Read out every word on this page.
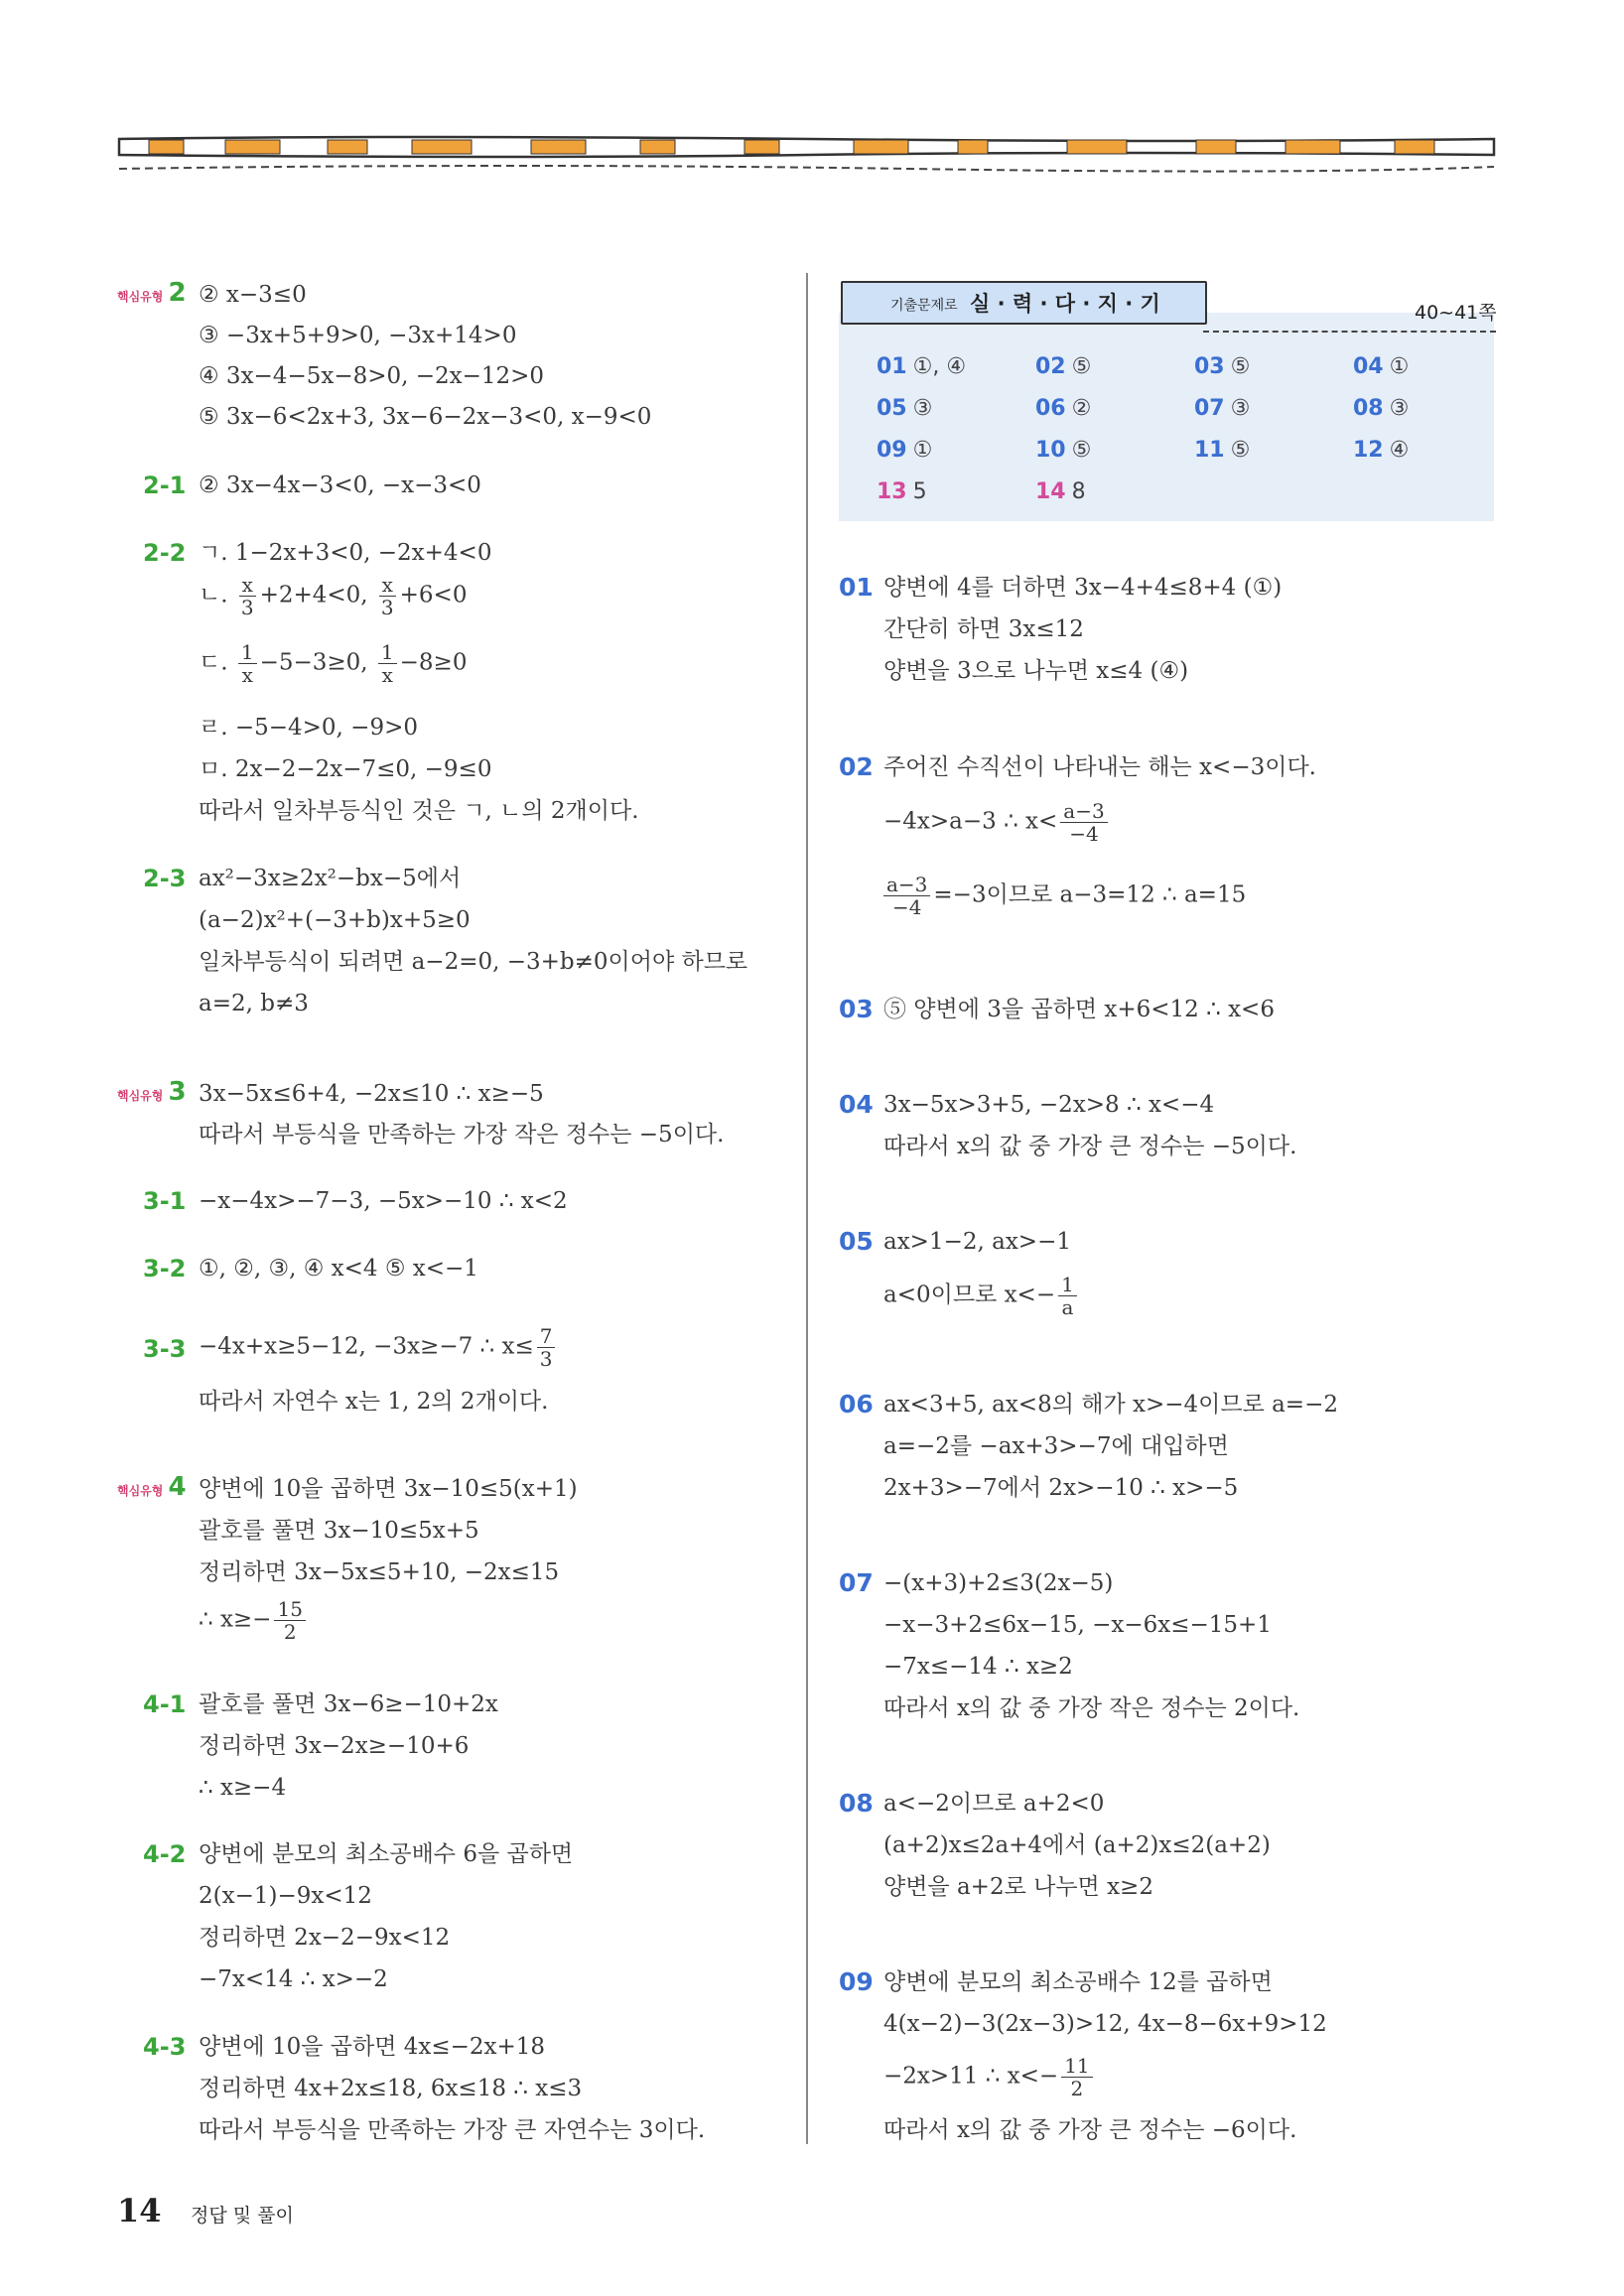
핵심유형 2 ② x−3≤0
③ −3x+5+9>0, −3x+14>0
④ 3x−4−5x−8>0, −2x−12>0
⑤ 3x−6<2x+3, 3x−6−2x−3<0, x−9<0
2-1 ② 3x−4x−3<0, −x−3<0
2-2 ㄱ. 1−2x+3<0, −2x+4<0
ㄴ. $\frac{x}{3} +2+4<0$, $\frac{x}{3} +6<0$
ㄷ. $\frac{1}{x} -5-3\ge 0$, $\frac{1}{x} -8\ge 0$
ㄹ. −5−4>0, −9>0
ㅁ. 2x−2−2x−7≤0, −9≤0
따라서 일차부등식인 것은 ㄱ, ㄴ의 2개이다.
2-3 ax²−3x≥2x²−bx−5에서
(a−2)x²+(−3+b)x+5≥0
일차부등식이 되려면 a−2=0, −3+b≠0이어야 하므로
a=2, b≠3
핵심유형 3 3x−5x≤6+4, −2x≤10 ∴ x≥−5
따라서 부등식을 만족하는 가장 작은 정수는 −5이다.
3-1 −x−4x>−7−3, −5x>−10 ∴ x<2
3-2 ①, ②, ③, ④ x<4 ⑤ x<−1
3-3 −4x+x≥5−12, −3x≥−7 ∴ $x\le \frac{7}{3}$
따라서 자연수 x는 1, 2의 2개이다.
핵심유형 4 양변에 10을 곱하면 3x−10≤5(x+1)
괄호를 풀면 3x−10≤5x+5
정리하면 3x−5x≤5+10, −2x≤15
∴ $x\ge- \frac{15}{2}$
4-1 괄호를 풀면 3x−6≥−10+2x
정리하면 3x−2x≥−10+6
∴ x≥−4
4-2 양변에 분모의 최소공배수 6을 곱하면
2(x−1)−9x<12
정리하면 2x−2−9x<12
−7x<14 ∴ x>−2
4-3 양변에 10을 곱하면 4x≤−2x+18
정리하면 4x+2x≤18, 6x≤18 ∴ x≤3
따라서 부등식을 만족하는 가장 큰 자연수는 3이다.
기출문제로 실 · 력 · 다 · 지 · 기	40~41쪽
01 ①, ④	02 ⑤	03 ⑤	04 ①
05 ③	06 ②	07 ③	08 ③
09 ①	10 ⑤	11 ⑤	12 ④
13 5	14 8
01 양변에 4를 더하면 3x−4+4≤8+4 (①)
간단히 하면 3x≤12
양변을 3으로 나누면 x≤4 (④)
02 주어진 수직선이 나타내는 해는 x<−3이다.
−4x>a−3 ∴ $x< \frac{a-3}{-4}$
$\frac{a-3}{-4} =-3$이므로 a−3=12 ∴ a=15
03 ⑤ 양변에 3을 곱하면 x+6<12 ∴ x<6
04 3x−5x>3+5, −2x>8 ∴ x<−4
따라서 x의 값 중 가장 큰 정수는 −5이다.
05 ax>1−2, ax>−1
a<0이므로 $x<- \frac{1}{a}$
06 ax<3+5, ax<8의 해가 x>−4이므로 a=−2
a=−2를 −ax+3>−7에 대입하면
2x+3>−7에서 2x>−10 ∴ x>−5
07 −(x+3)+2≤3(2x−5)
−x−3+2≤6x−15, −x−6x≤−15+1
−7x≤−14 ∴ x≥2
따라서 x의 값 중 가장 작은 정수는 2이다.
08 a<−2이므로 a+2<0
(a+2)x≤2a+4에서 (a+2)x≤2(a+2)
양변을 a+2로 나누면 x≥2
09 양변에 분모의 최소공배수 12를 곱하면
4(x−2)−3(2x−3)>12, 4x−8−6x+9>12
−2x>11 ∴ $x<- \frac{11}{2}$
따라서 x의 값 중 가장 큰 정수는 −6이다.
14 정답 및 풀이
